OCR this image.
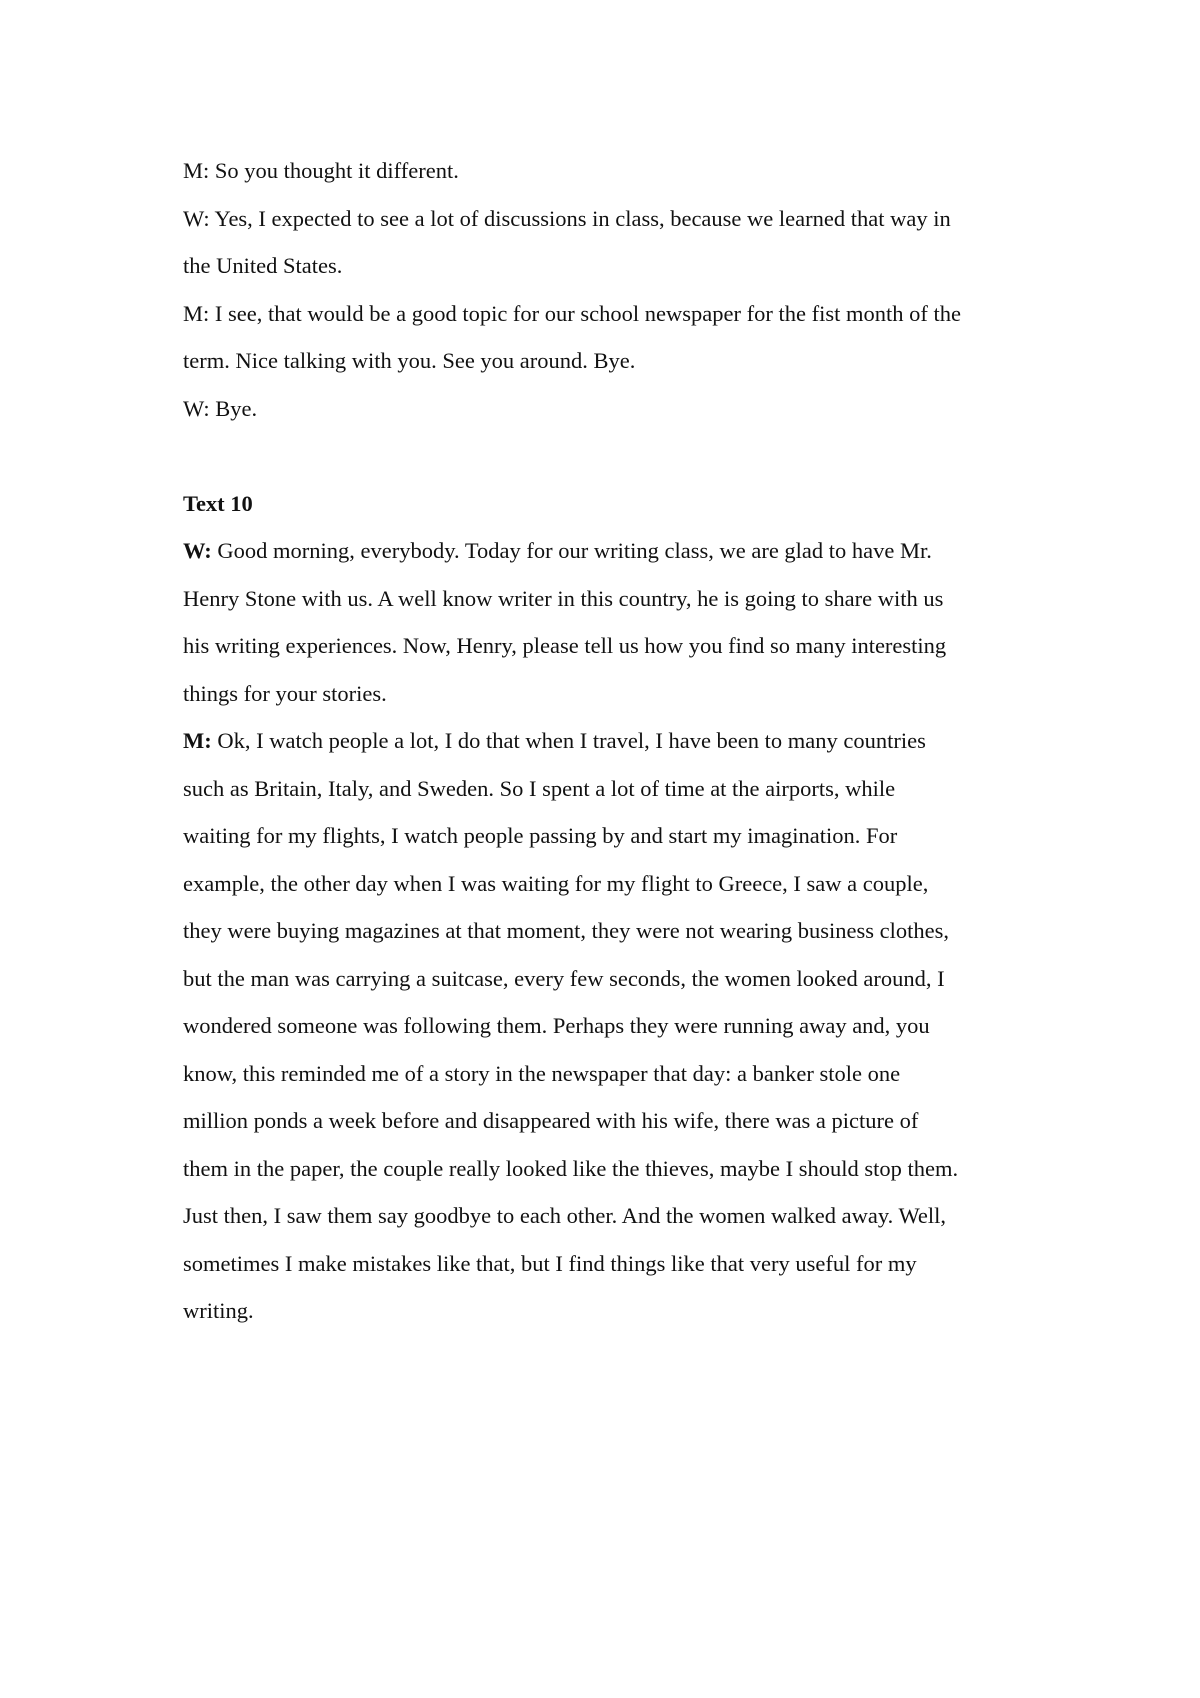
M: So you thought it different.
W: Yes, I expected to see a lot of discussions in class, because we learned that way in
the United States.
M: I see, that would be a good topic for our school newspaper for the fist month of the
term. Nice talking with you. See you around. Bye.
W: Bye.
Text 10
W: Good morning, everybody. Today for our writing class, we are glad to have Mr.
Henry Stone with us. A well know writer in this country, he is going to share with us
his writing experiences. Now, Henry, please tell us how you find so many interesting
things for your stories.
M: Ok, I watch people a lot, I do that when I travel, I have been to many countries
such as Britain, Italy, and Sweden. So I spent a lot of time at the airports, while
waiting for my flights, I watch people passing by and start my imagination. For
example, the other day when I was waiting for my flight to Greece, I saw a couple,
they were buying magazines at that moment, they were not wearing business clothes,
but the man was carrying a suitcase, every few seconds, the women looked around, I
wondered someone was following them. Perhaps they were running away and, you
know, this reminded me of a story in the newspaper that day: a banker stole one
million ponds a week before and disappeared with his wife, there was a picture of
them in the paper, the couple really looked like the thieves, maybe I should stop them.
Just then, I saw them say goodbye to each other. And the women walked away. Well,
sometimes I make mistakes like that, but I find things like that very useful for my
writing.
